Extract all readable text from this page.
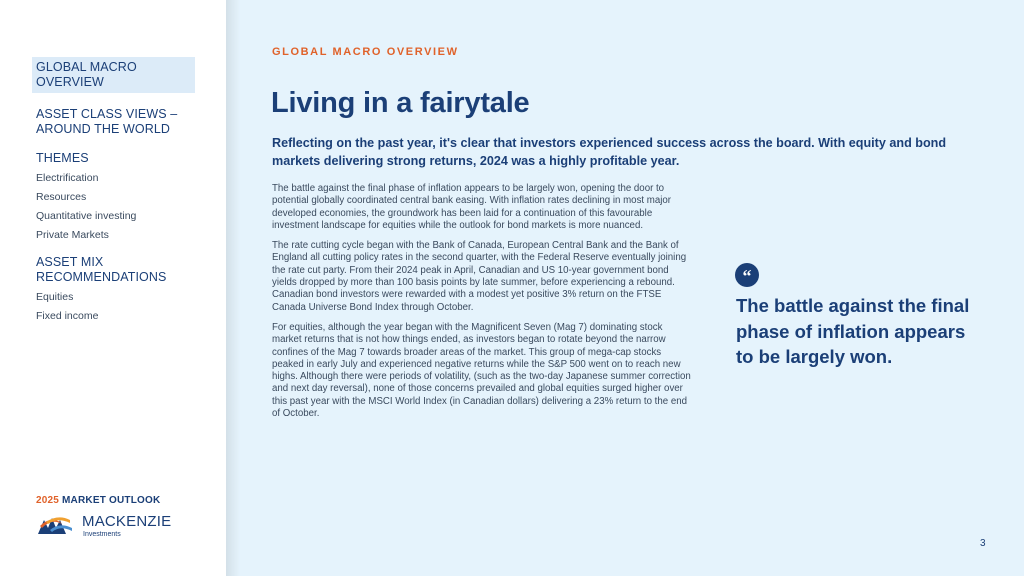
GLOBAL MACRO
OVERVIEW
ASSET CLASS VIEWS –
AROUND THE WORLD
THEMES
Electrification
Resources
Quantitative investing
Private Markets
ASSET MIX
RECOMMENDATIONS
Equities
Fixed income
2025 MARKET OUTLOOK
MACKENZIE
Investments
GLOBAL MACRO OVERVIEW
Living in a fairytale

Reflecting on the past year, it's clear that investors experienced success across the board. With equity and bond markets delivering strong returns, 2024 was a highly profitable year.

The battle against the final phase of inflation appears to be largely won, opening the door to potential globally coordinated central bank easing. With inflation rates declining in most major developed economies, the groundwork has been laid for a continuation of this favourable investment landscape for equities while the outlook for bond markets is more nuanced.

The rate cutting cycle began with the Bank of Canada, European Central Bank and the Bank of England all cutting policy rates in the second quarter, with the Federal Reserve eventually joining the rate cut party. From their 2024 peak in April, Canadian and US 10-year government bond yields dropped by more than 100 basis points by late summer, before experiencing a rebound. Canadian bond investors were rewarded with a modest yet positive 3% return on the FTSE Canada Universe Bond Index through October.

For equities, although the year began with the Magnificent Seven (Mag 7) dominating stock market returns that is not how things ended, as investors began to rotate beyond the narrow confines of the Mag 7 towards broader areas of the market. This group of mega-cap stocks peaked in early July and experienced negative returns while the S&P 500 went on to reach new highs. Although there were periods of volatility, (such as the two-day Japanese summer correction and next day reversal), none of those concerns prevailed and global equities surged higher over this past year with the MSCI World Index (in Canadian dollars) delivering a 23% return to the end of October.

“
The battle against the final phase of inflation appears to be largely won.
3
